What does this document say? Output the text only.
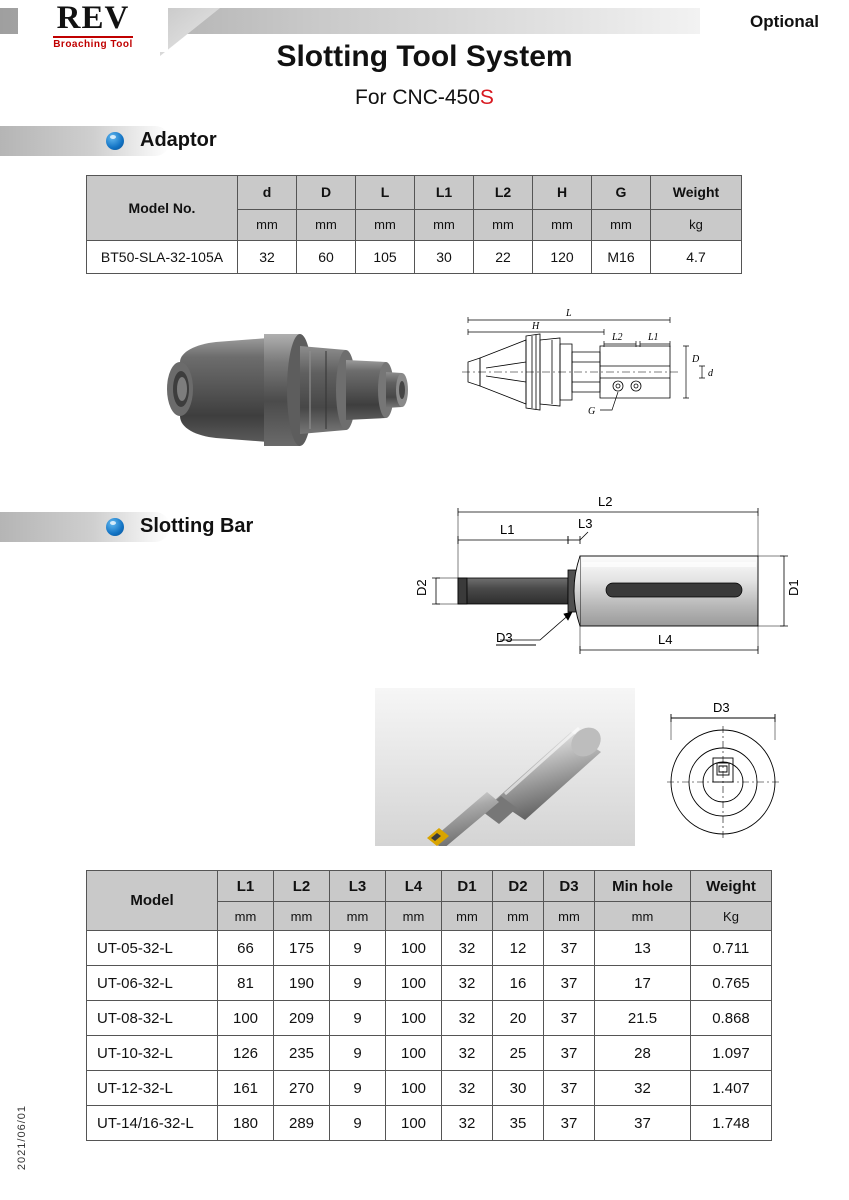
REV
Broaching Tool
Optional
Slotting Tool System
For CNC-450S
Adaptor
Model No.	d	D	L	L1	L2	H	G	Weight
	mm	mm	mm	mm	mm	mm	mm	kg
BT50-SLA-32-105A	32	60	105	30	22	120	M16	4.7
L
H
L2	L1
D
d
G
Slotting Bar
L2
L1	L3
L4
D1
D2
D3
D3
Model	L1	L2	L3	L4	D1	D2	D3	Min hole	Weight
	mm	mm	mm	mm	mm	mm	mm	mm	Kg
UT-05-32-L	66	175	9	100	32	12	37	13	0.711
UT-06-32-L	81	190	9	100	32	16	37	17	0.765
UT-08-32-L	100	209	9	100	32	20	37	21.5	0.868
UT-10-32-L	126	235	9	100	32	25	37	28	1.097
UT-12-32-L	161	270	9	100	32	30	37	32	1.407
UT-14/16-32-L	180	289	9	100	32	35	37	37	1.748
2021/06/01
